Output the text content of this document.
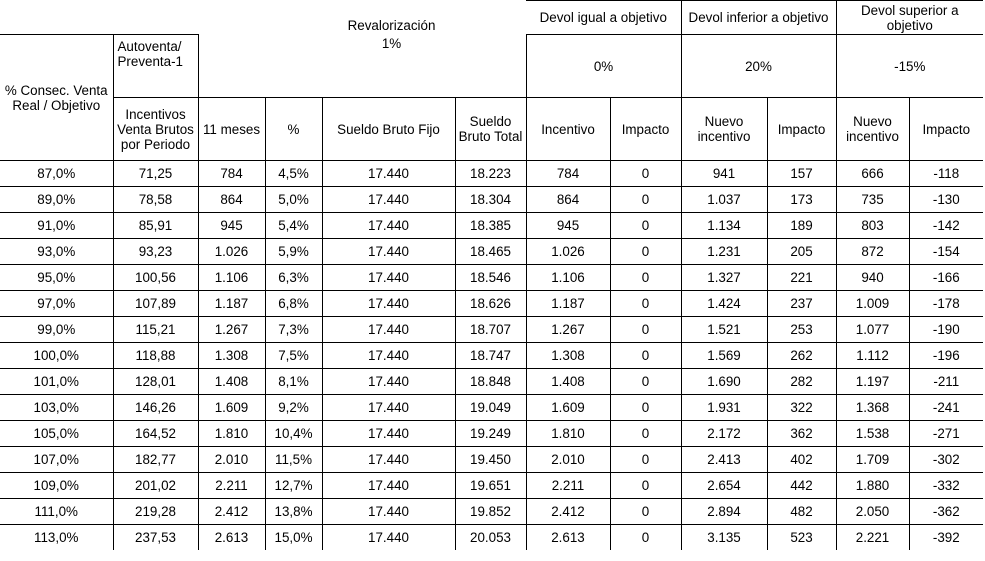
						Devol igual a objetivo		Devol inferior a objetivo		Devol superior a objetivo	
% Consec. Venta Real / Objetivo	Autoventa/ Preventa-1					0%		20%		-15%	
	Incentivos Venta Brutos por Periodo	11 meses	%	Sueldo Bruto Fijo	Sueldo Bruto Total	Incentivo	Impacto	Nuevo incentivo	Impacto	Nuevo incentivo	Impacto
87,0%	71,25	784	4,5%	17.440	18.223	784	0	941	157	666	-118
89,0%	78,58	864	5,0%	17.440	18.304	864	0	1.037	173	735	-130
91,0%	85,91	945	5,4%	17.440	18.385	945	0	1.134	189	803	-142
93,0%	93,23	1.026	5,9%	17.440	18.465	1.026	0	1.231	205	872	-154
95,0%	100,56	1.106	6,3%	17.440	18.546	1.106	0	1.327	221	940	-166
97,0%	107,89	1.187	6,8%	17.440	18.626	1.187	0	1.424	237	1.009	-178
99,0%	115,21	1.267	7,3%	17.440	18.707	1.267	0	1.521	253	1.077	-190
100,0%	118,88	1.308	7,5%	17.440	18.747	1.308	0	1.569	262	1.112	-196
101,0%	128,01	1.408	8,1%	17.440	18.848	1.408	0	1.690	282	1.197	-211
103,0%	146,26	1.609	9,2%	17.440	19.049	1.609	0	1.931	322	1.368	-241
105,0%	164,52	1.810	10,4%	17.440	19.249	1.810	0	2.172	362	1.538	-271
107,0%	182,77	2.010	11,5%	17.440	19.450	2.010	0	2.413	402	1.709	-302
109,0%	201,02	2.211	12,7%	17.440	19.651	2.211	0	2.654	442	1.880	-332
111,0%	219,28	2.412	13,8%	17.440	19.852	2.412	0	2.894	482	2.050	-362
113,0%	237,53	2.613	15,0%	17.440	20.053	2.613	0	3.135	523	2.221	-392
Revalorización
1%
